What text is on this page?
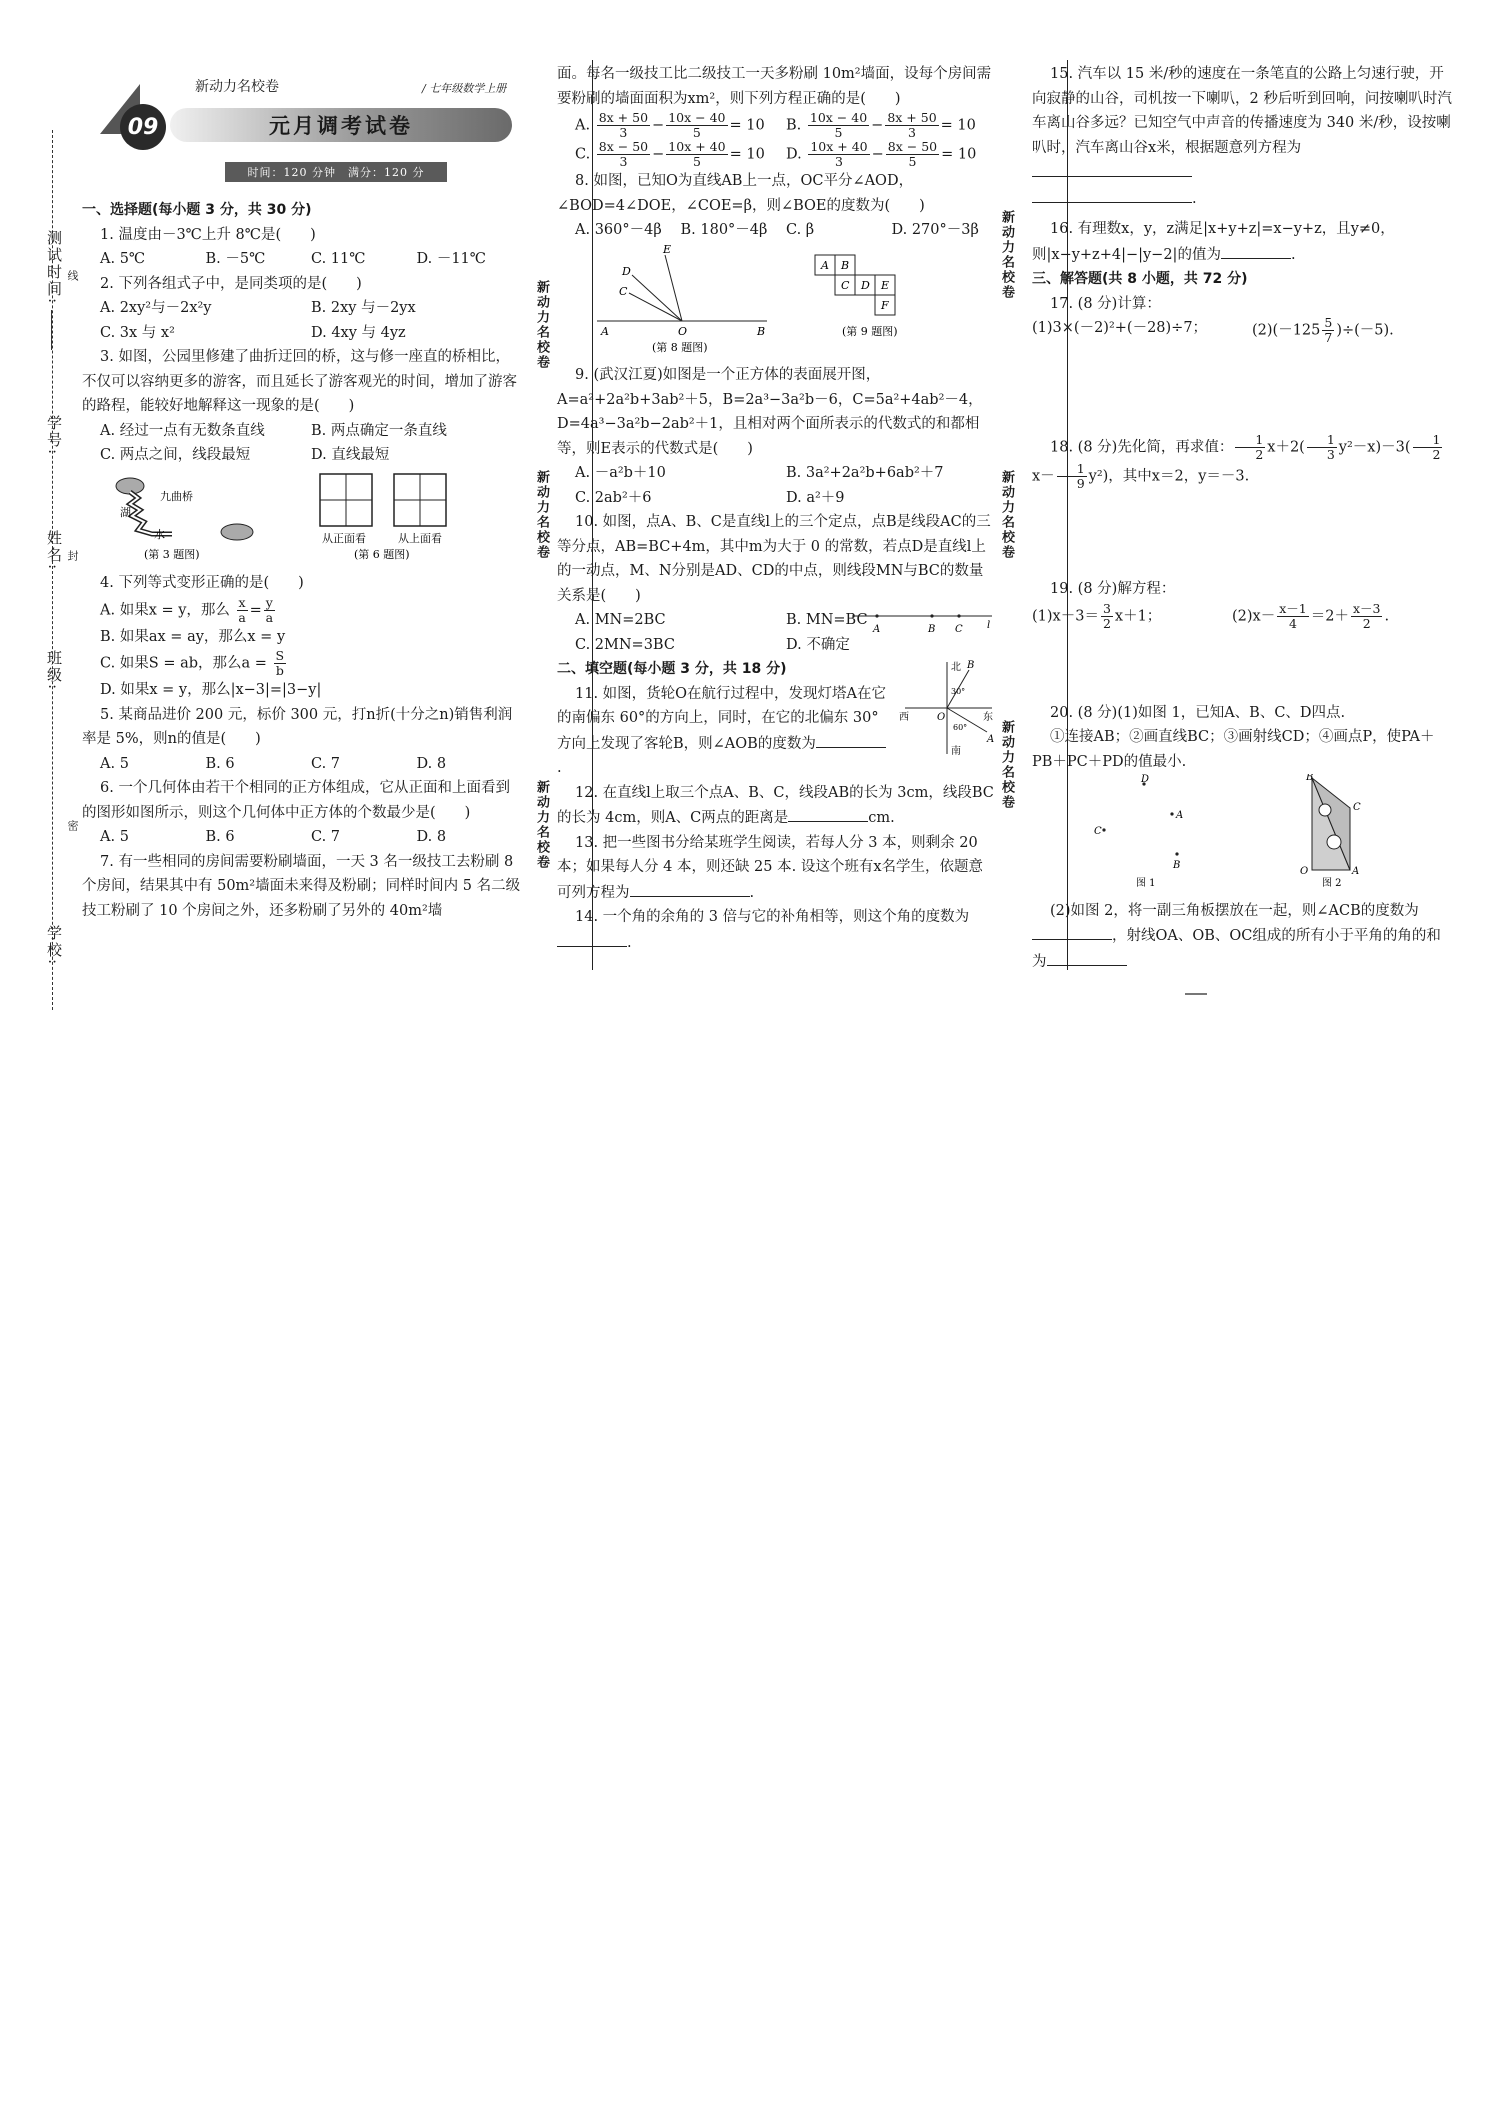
测试时间:
学号:
姓名:
班级:
学校:
线
封
密
09
新动力名校卷	/ 七年级数学上册
元月调考试卷
时间：120 分钟　满分：120 分
新动力名校卷
新动力名校卷
新动力名校卷
新动力名校卷
新动力名校卷
新动力名校卷

一、选择题(每小题 3 分，共 30 分)

1. 温度由－3℃上升 8℃是(　　)

A. 5℃	B. －5℃	C. 11℃	D. －11℃

2. 下列各组式子中，是同类项的是(　　)

A. 2xy²与－2x²y	B. 2xy 与－2yx
C. 3x 与 x²	D. 4xy 与 4yz

3. 如图，公园里修建了曲折迂回的桥，这与修一座直的桥相比，不仅可以容纳更多的游客，而且延长了游客观光的时间，增加了游客的路程，能较好地解释这一现象的是(　　)

A. 经过一点有无数条直线	B. 两点确定一条直线
C. 两点之间，线段最短	D. 直线最短
九曲桥
湖
水
(第 3 题图)
从正面看	从上面看
(第 6 题图)

4. 下列等式变形正确的是(　　)

A. 如果x = y，那么 $\frac{x}{a} = \frac{y}{a}$

B. 如果ax = ay，那么x = y

C. 如果S = ab，那么$a = \frac{S}{b}$

D. 如果x = y，那么|x−3|=|3−y|

5. 某商品进价 200 元，标价 300 元，打n折(十分之n)销售利润率是 5%，则n的值是(　　)

A. 5	B. 6	C. 7	D. 8

6. 一个几何体由若干个相同的正方体组成，它从正面和上面看到的图形如图所示，则这个几何体中正方体的个数最少是(　　)

A. 5	B. 6	C. 7	D. 8

7. 有一些相同的房间需要粉刷墙面，一天 3 名一级技工去粉刷 8 个房间，结果其中有 50m²墙面未来得及粉刷；同样时间内 5 名二级技工粉刷了 10 个房间之外，还多粉刷了另外的 40m²墙

面。每名一级技工比二级技工一天多粉刷 10m²墙面，设每个房间需要粉刷的墙面面积为xm²，则下列方程正确的是(　　)

A. $\frac{8x + 50}{3} - \frac{10x - 40}{5} = 10$	B. $\frac{10x - 40}{5} - \frac{8x + 50}{3} = 10$
C. $\frac{8x - 50}{3} - \frac{10x + 40}{5} = 10$	D. $\frac{10x + 40}{3} - \frac{8x - 50}{5} = 10$

8. 如图，已知O为直线AB上一点，OC平分∠AOD，∠BOD=4∠DOE，∠COE=β，则∠BOE的度数为(　　)

A. 360°－4β	B. 180°－4β	C. β	D. 270°－3β
E
D
C
A	O	B
(第 8 题图)
A B
C D E
F
(第 9 题图)

9. (武汉江夏)如图是一个正方体的表面展开图，A=a²+2a²b+3ab²＋5，B=2a³−3a²b－6，C=5a²+4ab²－4，D=4a³−3a²b−2ab²＋1，且相对两个面所表示的代数式的和都相等，则E表示的代数式是(　　)

A. －a²b＋10	B. 3a²+2a²b+6ab²＋7
C. 2ab²＋6	D. a²＋9

10. 如图，点A、B、C是直线l上的三个定点，点B是线段AC的三等分点，AB=BC+4m，其中m为大于 0 的常数，若点D是直线l上的一动点，M、N分别是AD、CD的中点，则线段MN与BC的数量关系是(　　)

A	B C l
A. MN=2BC	B. MN=BC
C. 2MN=3BC	D. 不确定

二、填空题(每小题 3 分，共 18 分)

11. 如图，货轮O在航行过程中，发现灯塔A在它的南偏东 60°的方向上，同时，在它的北偏东 30°方向上发现了客轮B，则∠AOB的度数为.

北
南
西	东
B
O
A
30°
60°

12. 在直线l上取三个点A、B、C，线段AB的长为 3cm，线段BC的长为 4cm，则A、C两点的距离是	cm.

13. 把一些图书分给某班学生阅读，若每人分 3 本，则剩余 20 本；如果每人分 4 本，则还缺 25 本. 设这个班有x名学生，依题意可列方程为	.

14. 一个角的余角的 3 倍与它的补角相等，则这个角的度数为.

15. 汽车以 15 米/秒的速度在一条笔直的公路上匀速行驶，开向寂静的山谷，司机按一下喇叭，2 秒后听到回响，问按喇叭时汽车离山谷多远？已知空气中声音的传播速度为 340 米/秒，设按喇叭时，汽车离山谷x米，根据题意列方程为
.

16. 有理数x，y，z满足|x+y+z|=x−y+z，且y≠0，则|x−y+z+4|−|y−2|的值为	.

三、解答题(共 8 小题，共 72 分)

17. (8 分)计算：

(1)3×(－2)²+(－28)÷7；	$(2)(-125 \frac{5}{7} )\div(-5)$.

18. (8 分)先化简，再求值： $\frac{1}{2} x+2( \frac{1}{3} y^2-x)-3( \frac{1}{2}$
$x- \frac{1}{9} y^2$)，其中x＝2，y＝－3.

19. (8 分)解方程：

$(1)x-3= \frac{3}{2} x+1$；	$(2)x- \frac{x-1}{4} =2+ \frac{x-3}{2}$ .

20. (8 分)(1)如图 1，已知A、B、C、D四点.

①连接AB；②画直线BC；③画射线CD；④画点P，使PA＋PB＋PC＋PD的值最小.

D
C
A
B
图 1
B
C
O	A
图 2

(2)如图 2，将一副三角板摆放在一起，则∠ACB的度数为，射线OA、OB、OC组成的所有小于平角的角的和为
